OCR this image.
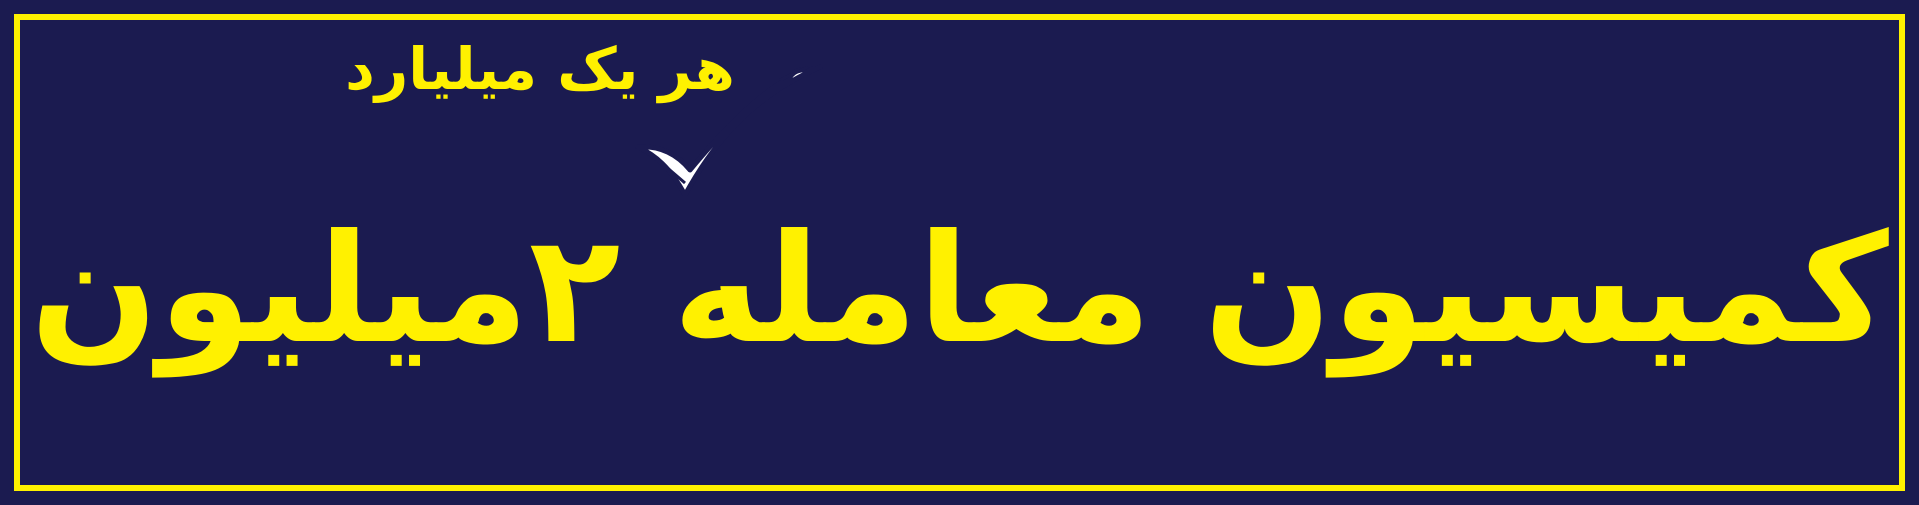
هر یک میلیارد
کمیسیون معامله ۲میلیون
